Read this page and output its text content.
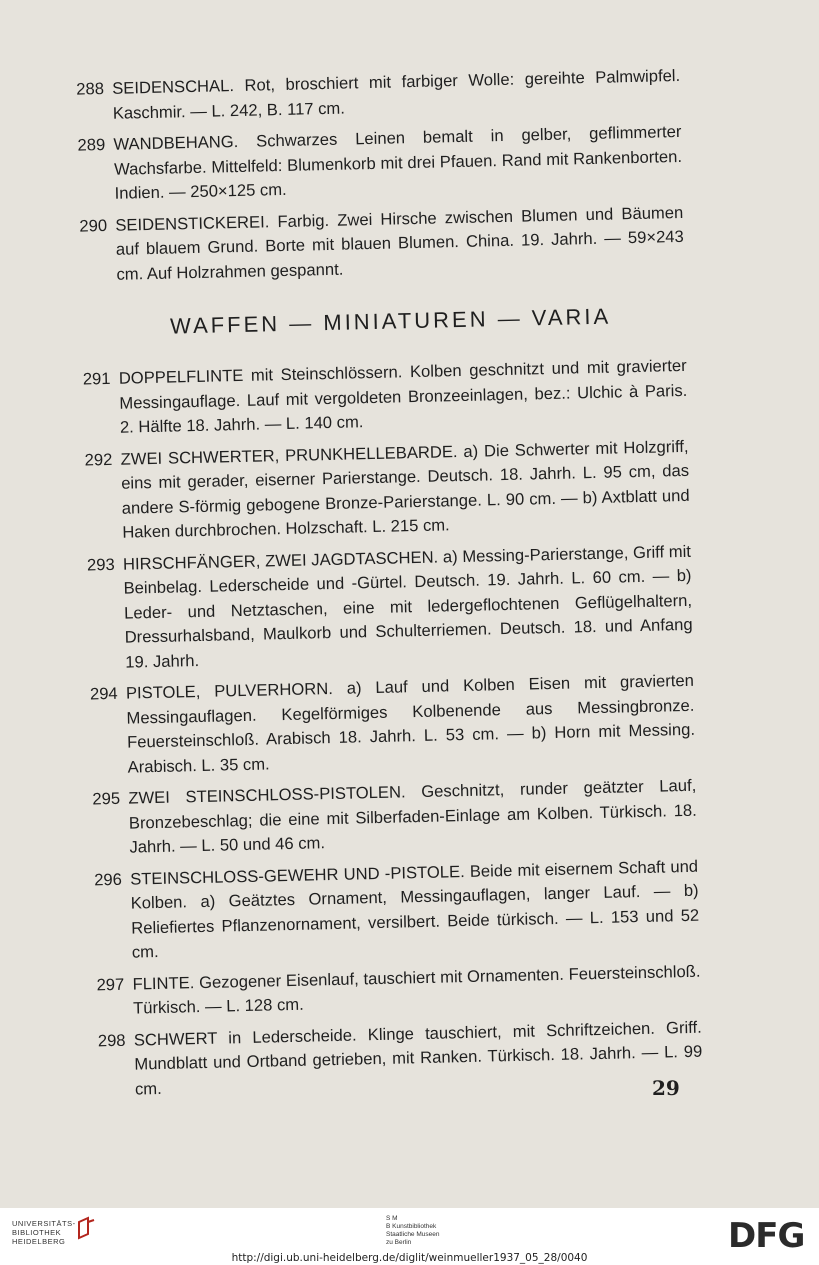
288 SEIDENSCHAL. Rot, broschiert mit farbiger Wolle: gereihte Palmwipfel. Kaschmir. — L. 242, B. 117 cm.
289 WANDBEHANG. Schwarzes Leinen bemalt in gelber, geflimmerter Wachsfarbe. Mittelfeld: Blumenkorb mit drei Pfauen. Rand mit Rankenborten. Indien. — 250×125 cm.
290 SEIDENSTICKEREI. Farbig. Zwei Hirsche zwischen Blumen und Bäumen auf blauem Grund. Borte mit blauen Blumen. China. 19. Jahrh. — 59×243 cm. Auf Holzrahmen gespannt.
WAFFEN — MINIATUREN — VARIA
291 DOPPELFLINTE mit Steinschlössern. Kolben geschnitzt und mit gravierter Messingauflage. Lauf mit vergoldeten Bronzeeinlagen, bez.: Ulchic à Paris. 2. Hälfte 18. Jahrh. — L. 140 cm.
292 ZWEI SCHWERTER, PRUNKHELLEBARDE. a) Die Schwerter mit Holzgriff, eins mit gerader, eiserner Parierstange. Deutsch. 18. Jahrh. L. 95 cm, das andere S-förmig gebogene Bronze-Parierstange. L. 90 cm. — b) Axtblatt und Haken durchbrochen. Holzschaft. L. 215 cm.
293 HIRSCHFÄNGER, ZWEI JAGDTASCHEN. a) Messing-Parierstange, Griff mit Beinbelag. Lederscheide und -Gürtel. Deutsch. 19. Jahrh. L. 60 cm. — b) Leder- und Netztaschen, eine mit ledergeflochtenen Geflügelhaltern, Dressurhalsband, Maulkorb und Schulterriemen. Deutsch. 18. und Anfang 19. Jahrh.
294 PISTOLE, PULVERHORN. a) Lauf und Kolben Eisen mit gravierten Messingauflagen. Kegelförmiges Kolbenende aus Messingbronze. Feuersteinschloß. Arabisch 18. Jahrh. L. 53 cm. — b) Horn mit Messing. Arabisch. L. 35 cm.
295 ZWEI STEINSCHLOSS-PISTOLEN. Geschnitzt, runder geätzter Lauf, Bronzebeschlag; die eine mit Silberfaden-Einlage am Kolben. Türkisch. 18. Jahrh. — L. 50 und 46 cm.
296 STEINSCHLOSS-GEWEHR UND -PISTOLE. Beide mit eisernem Schaft und Kolben. a) Geätztes Ornament, Messingauflagen, langer Lauf. — b) Reliefiertes Pflanzenornament, versilbert. Beide türkisch. — L. 153 und 52 cm.
297 FLINTE. Gezogener Eisenlauf, tauschiert mit Ornamenten. Feuersteinschloß. Türkisch. — L. 128 cm.
298 SCHWERT in Lederscheide. Klinge tauschiert, mit Schriftzeichen. Griff. Mundblatt und Ortband getrieben, mit Ranken. Türkisch. 18. Jahrh. — L. 99 cm.	29
UNIVERSITÄTS-
BIBLIOTHEK
HEIDELBERG
S M
B Kunstbibliothek
Staatliche Museen
zu Berlin	DFG
http://digi.ub.uni-heidelberg.de/diglit/weinmueller1937_05_28/0040
